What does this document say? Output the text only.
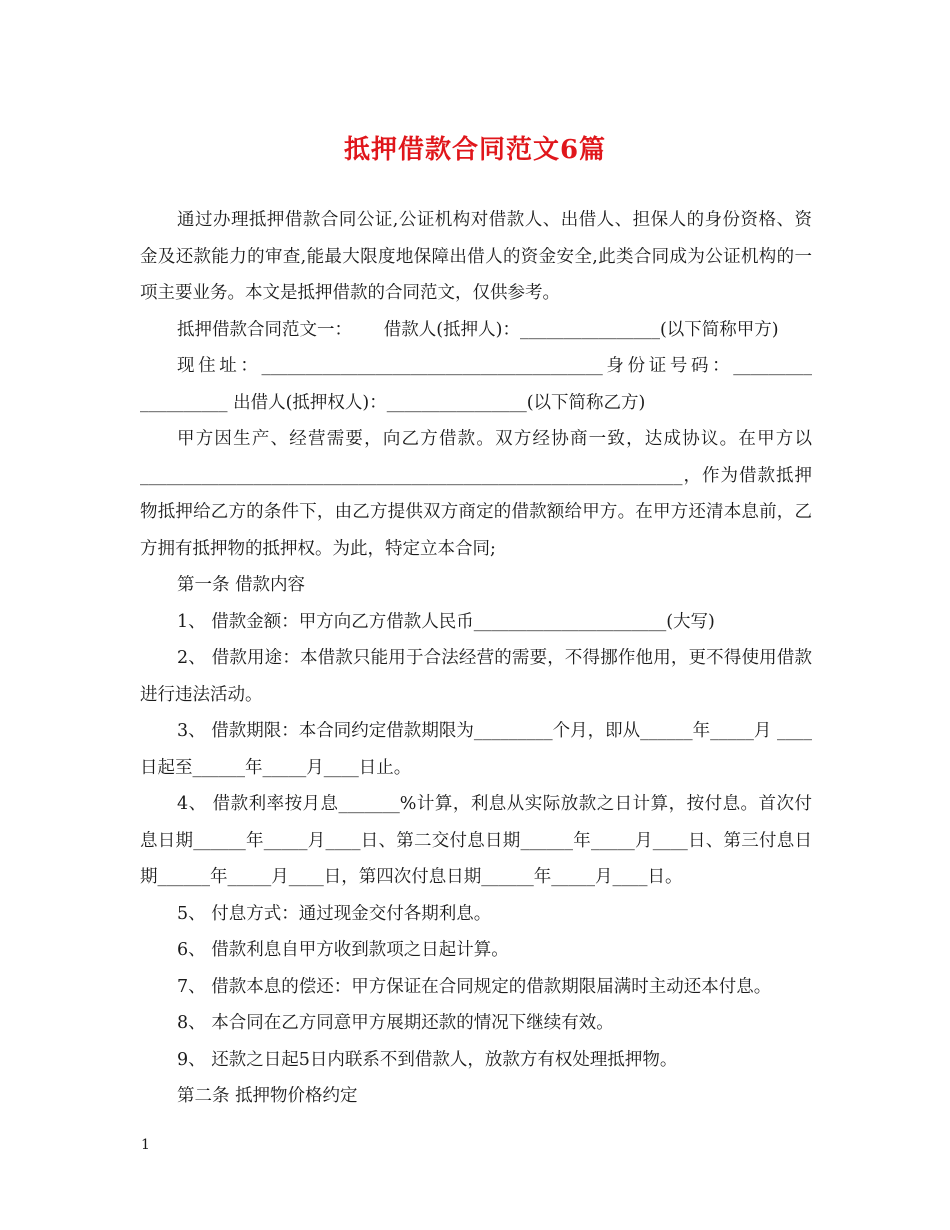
抵押借款合同范文6篇

通过办理抵押借款合同公证,公证机构对借款人、出借人、担保人的身份资格、资金及还款能力的审查,能最大限度地保障出借人的资金安全,此类合同成为公证机构的一项主要业务。本文是抵押借款的合同范文，仅供参考。

抵押借款合同范文一：　　 借款人(抵押人)：________________(以下简称甲方)

现住址：_______________________________________身份证号码：_________ __________ 出借人(抵押权人)：________________(以下简称乙方)

甲方因生产、经营需要，向乙方借款。双方经协商一致，达成协议。在甲方以 ______________________________________________________________，作为借款抵押物抵押给乙方的条件下，由乙方提供双方商定的借款额给甲方。在甲方还清本息前，乙方拥有抵押物的抵押权。为此，特定立本合同;

第一条 借款内容

1、 借款金额：甲方向乙方借款人民币______________________(大写)

2、 借款用途：本借款只能用于合法经营的需要，不得挪作他用，更不得使用借款进行违法活动。

3、 借款期限：本合同约定借款期限为_________个月，即从______年_____月 ____日起至______年_____月____日止。

4、 借款利率按月息_______%计算，利息从实际放款之日计算，按付息。首次付息日期______年_____月____日、第二交付息日期______年_____月____日、第三付息日期______年_____月____日，第四次付息日期______年_____月____日。

5、 付息方式：通过现金交付各期利息。

6、 借款利息自甲方收到款项之日起计算。

7、 借款本息的偿还：甲方保证在合同规定的借款期限届满时主动还本付息。

8、 本合同在乙方同意甲方展期还款的情况下继续有效。

9、 还款之日起5日内联系不到借款人，放款方有权处理抵押物。

第二条 抵押物价格约定

1
